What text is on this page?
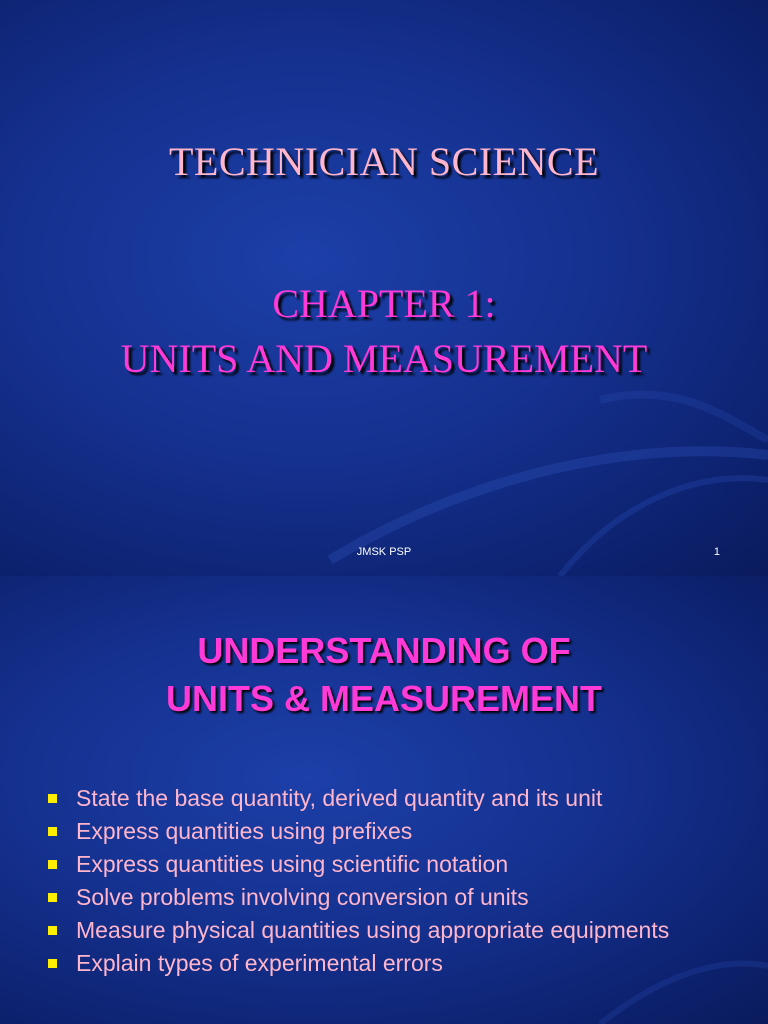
TECHNICIAN SCIENCE
CHAPTER 1:
UNITS AND MEASUREMENT
JMSK PSP	1
UNDERSTANDING OF
UNITS & MEASUREMENT
State the base quantity, derived quantity and its unit
Express quantities using prefixes
Express quantities using scientific notation
Solve problems involving conversion of units
Measure physical quantities using appropriate equipments
Explain types of experimental errors
